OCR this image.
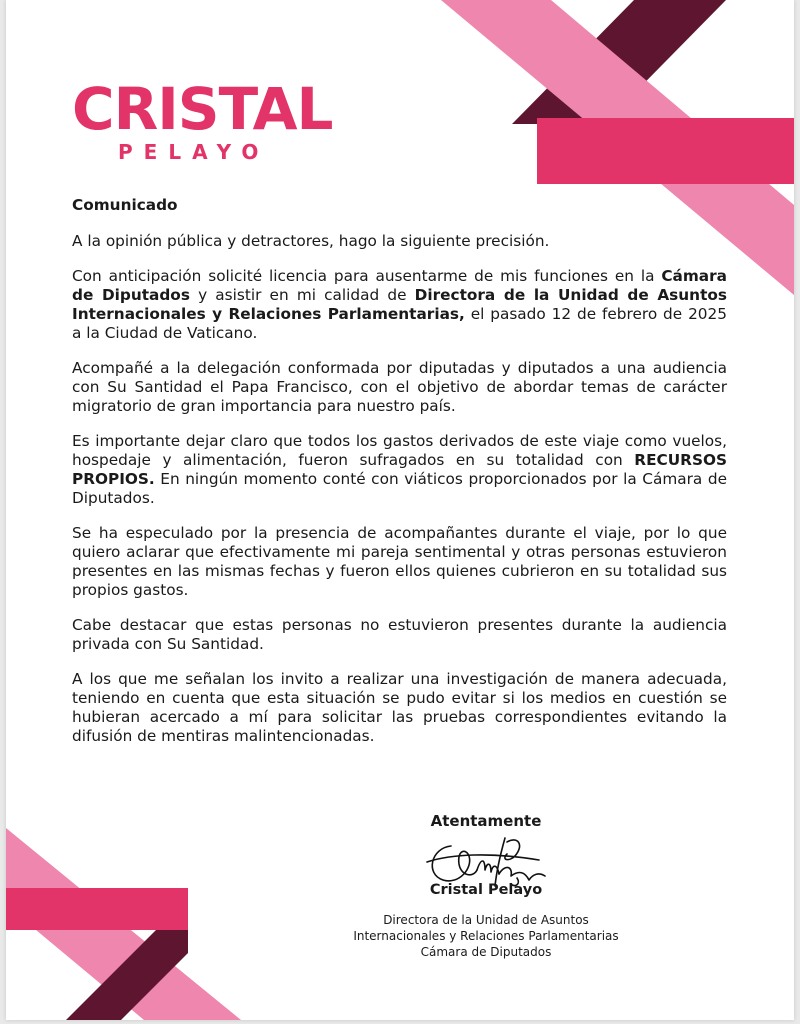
CRISTAL
PELAYO
Comunicado

A la opinión pública y detractores, hago la siguiente precisión.

Con anticipación solicité licencia para ausentarme de mis funciones en la Cámara de Diputados y asistir en mi calidad de Directora de la Unidad de Asuntos Internacionales y Relaciones Parlamentarias, el pasado 12 de febrero de 2025 a la Ciudad de Vaticano.

Acompañé a la delegación conformada por diputadas y diputados a una audiencia con Su Santidad el Papa Francisco, con el objetivo de abordar temas de carácter migratorio de gran importancia para nuestro país.

Es importante dejar claro que todos los gastos derivados de este viaje como vuelos, hospedaje y alimentación, fueron sufragados en su totalidad con RECURSOS PROPIOS. En ningún momento conté con viáticos proporcionados por la Cámara de Diputados.

Se ha especulado por la presencia de acompañantes durante el viaje, por lo que quiero aclarar que efectivamente mi pareja sentimental y otras personas estuvieron presentes en las mismas fechas y fueron ellos quienes cubrieron en su totalidad sus propios gastos.

Cabe destacar que estas personas no estuvieron presentes durante la audiencia privada con Su Santidad.

A los que me señalan los invito a realizar una investigación de manera adecuada, teniendo en cuenta que esta situación se pudo evitar si los medios en cuestión se hubieran acercado a mí para solicitar las pruebas correspondientes evitando la difusión de mentiras malintencionadas.

Atentamente
Cristal Pelayo
Directora de la Unidad de Asuntos
Internacionales y Relaciones Parlamentarias
Cámara de Diputados
